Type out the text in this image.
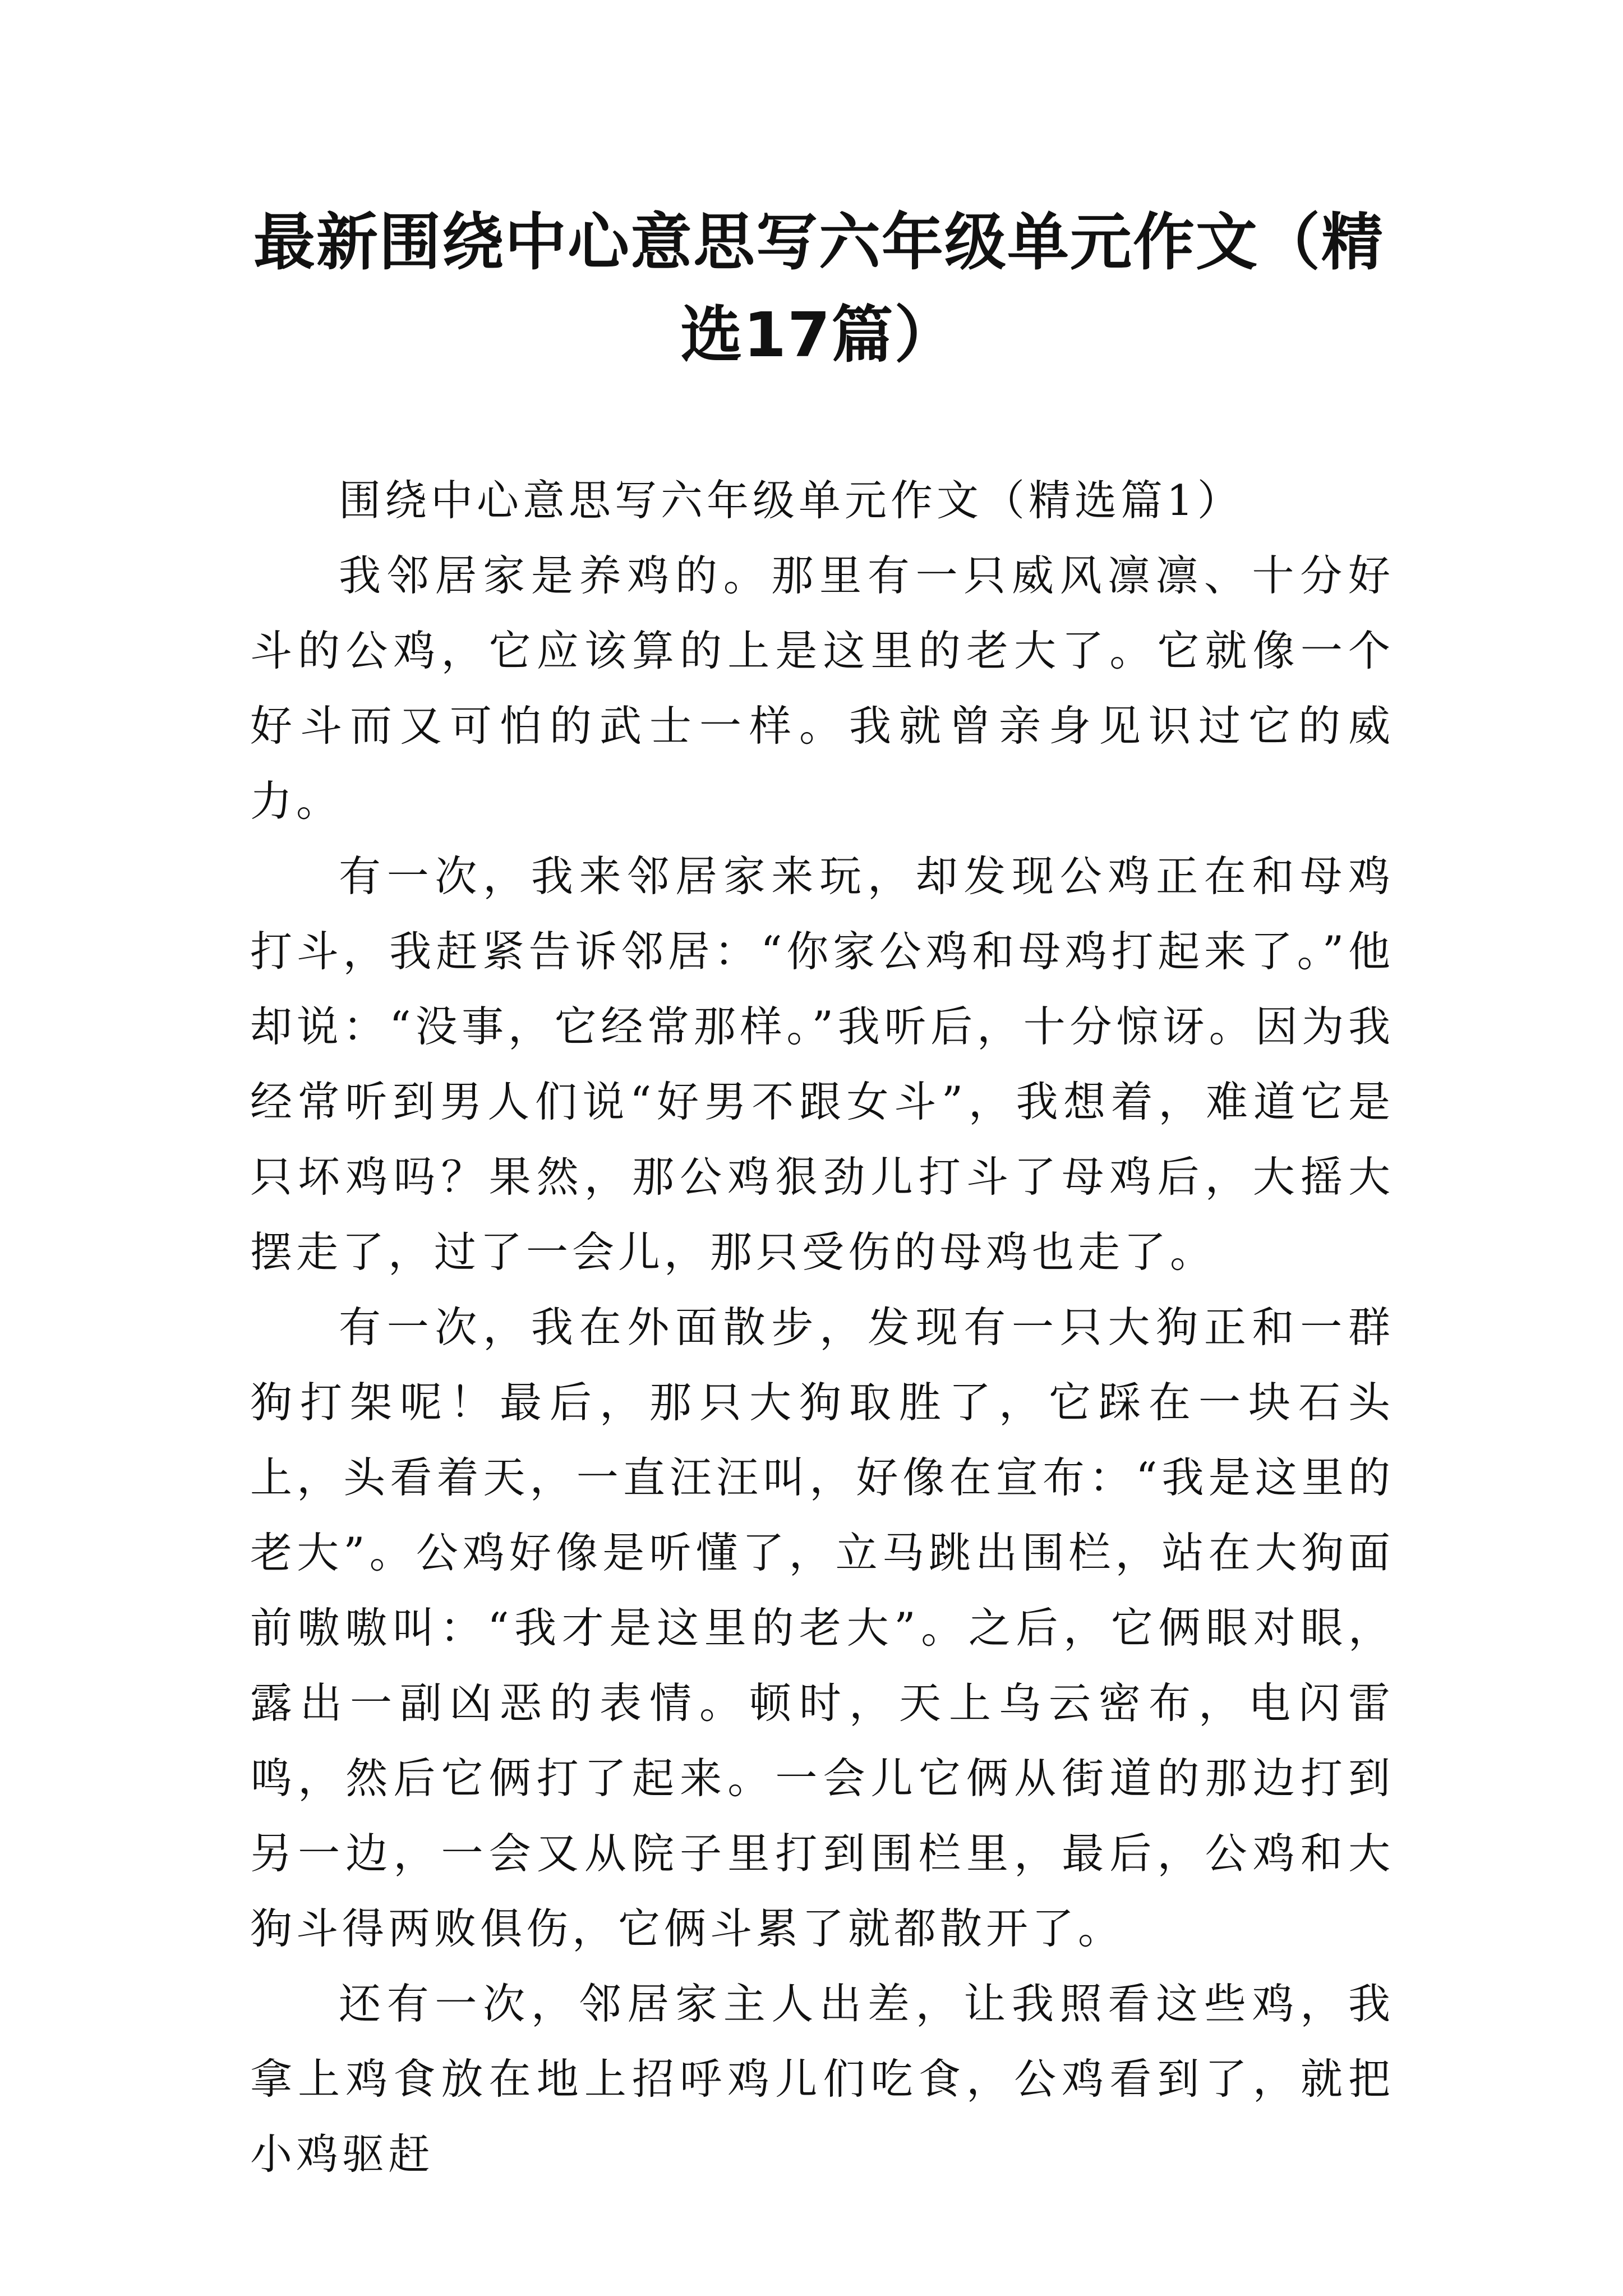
最新围绕中心意思写六年级单元作文（精选17篇）

围绕中心意思写六年级单元作文（精选篇1）

我邻居家是养鸡的。那里有一只威风凛凛、十分好斗的公鸡，它应该算的上是这里的老大了。它就像一个好斗而又可怕的武士一样。我就曾亲身见识过它的威力。

有一次，我来邻居家来玩，却发现公鸡正在和母鸡打斗，我赶紧告诉邻居：“你家公鸡和母鸡打起来了。”他却说：“没事，它经常那样。”我听后，十分惊讶。因为我经常听到男人们说“好男不跟女斗”，我想着，难道它是只坏鸡吗？果然，那公鸡狠劲儿打斗了母鸡后，大摇大摆走了，过了一会儿，那只受伤的母鸡也走了。

有一次，我在外面散步，发现有一只大狗正和一群狗打架呢！最后，那只大狗取胜了，它踩在一块石头上，头看着天，一直汪汪叫，好像在宣布：“我是这里的老大”。公鸡好像是听懂了，立马跳出围栏，站在大狗面前嗷嗷叫：“我才是这里的老大”。之后，它俩眼对眼，露出一副凶恶的表情。顿时，天上乌云密布，电闪雷鸣，然后它俩打了起来。一会儿它俩从街道的那边打到另一边，一会又从院子里打到围栏里，最后，公鸡和大狗斗得两败俱伤，它俩斗累了就都散开了。

还有一次，邻居家主人出差，让我照看这些鸡，我拿上鸡食放在地上招呼鸡儿们吃食，公鸡看到了，就把小鸡驱赶
